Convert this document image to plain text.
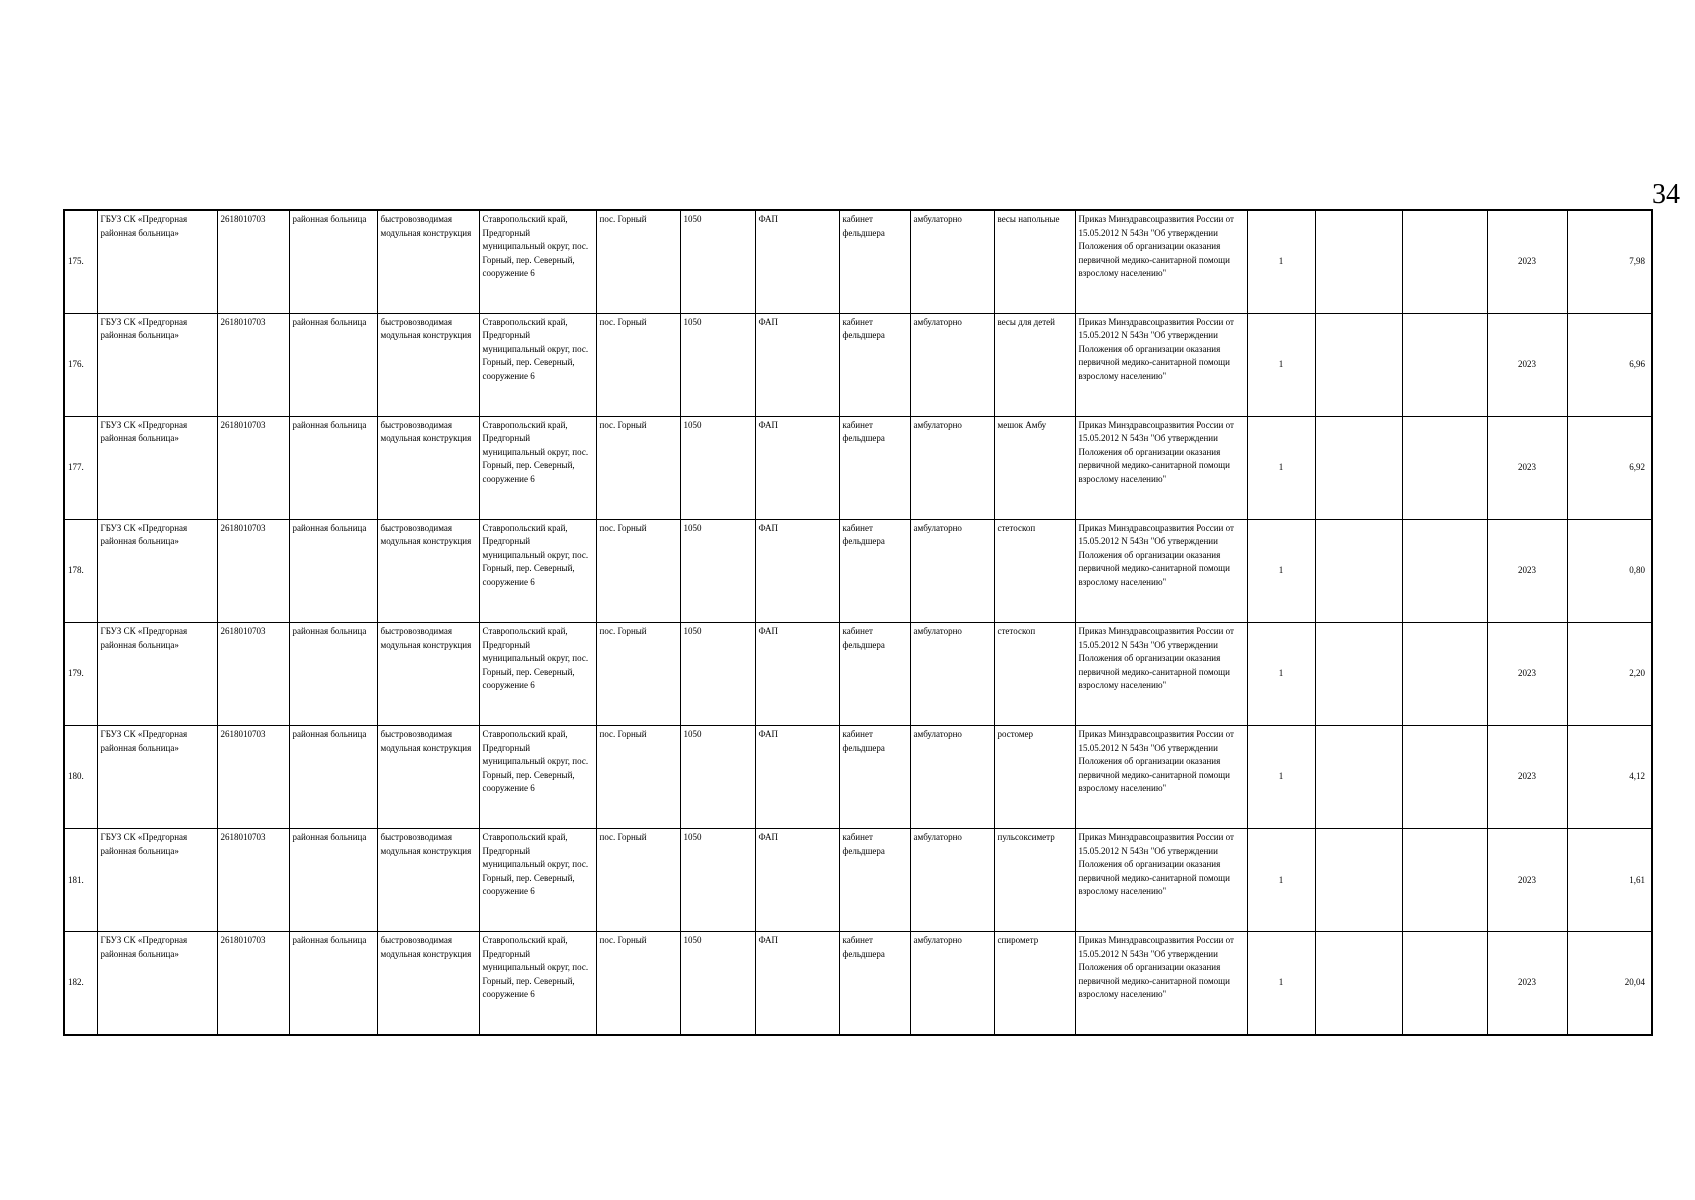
34
175.	ГБУЗ СК «Предгорная районная больница»	2618010703	районная больница	быстровозводимая модульная конструкция	Ставропольский край, Предгорный муниципальный округ, пос. Горный, пер. Северный, сооружение 6	пос. Горный	1050	ФАП	кабинет фельдшера	амбулаторно	весы напольные	Приказ Минздравсоцразвития России от 15.05.2012 N 543н "Об утверждении Положения об организации оказания первичной медико-санитарной помощи взрослому населению"	1			2023	7,98
176.	ГБУЗ СК «Предгорная районная больница»	2618010703	районная больница	быстровозводимая модульная конструкция	Ставропольский край, Предгорный муниципальный округ, пос. Горный, пер. Северный, сооружение 6	пос. Горный	1050	ФАП	кабинет фельдшера	амбулаторно	весы для детей	Приказ Минздравсоцразвития России от 15.05.2012 N 543н "Об утверждении Положения об организации оказания первичной медико-санитарной помощи взрослому населению"	1			2023	6,96
177.	ГБУЗ СК «Предгорная районная больница»	2618010703	районная больница	быстровозводимая модульная конструкция	Ставропольский край, Предгорный муниципальный округ, пос. Горный, пер. Северный, сооружение 6	пос. Горный	1050	ФАП	кабинет фельдшера	амбулаторно	мешок Амбу	Приказ Минздравсоцразвития России от 15.05.2012 N 543н "Об утверждении Положения об организации оказания первичной медико-санитарной помощи взрослому населению"	1			2023	6,92
178.	ГБУЗ СК «Предгорная районная больница»	2618010703	районная больница	быстровозводимая модульная конструкция	Ставропольский край, Предгорный муниципальный округ, пос. Горный, пер. Северный, сооружение 6	пос. Горный	1050	ФАП	кабинет фельдшера	амбулаторно	стетоскоп	Приказ Минздравсоцразвития России от 15.05.2012 N 543н "Об утверждении Положения об организации оказания первичной медико-санитарной помощи взрослому населению"	1			2023	0,80
179.	ГБУЗ СК «Предгорная районная больница»	2618010703	районная больница	быстровозводимая модульная конструкция	Ставропольский край, Предгорный муниципальный округ, пос. Горный, пер. Северный, сооружение 6	пос. Горный	1050	ФАП	кабинет фельдшера	амбулаторно	стетоскоп	Приказ Минздравсоцразвития России от 15.05.2012 N 543н "Об утверждении Положения об организации оказания первичной медико-санитарной помощи взрослому населению"	1			2023	2,20
180.	ГБУЗ СК «Предгорная районная больница»	2618010703	районная больница	быстровозводимая модульная конструкция	Ставропольский край, Предгорный муниципальный округ, пос. Горный, пер. Северный, сооружение 6	пос. Горный	1050	ФАП	кабинет фельдшера	амбулаторно	ростомер	Приказ Минздравсоцразвития России от 15.05.2012 N 543н "Об утверждении Положения об организации оказания первичной медико-санитарной помощи взрослому населению"	1			2023	4,12
181.	ГБУЗ СК «Предгорная районная больница»	2618010703	районная больница	быстровозводимая модульная конструкция	Ставропольский край, Предгорный муниципальный округ, пос. Горный, пер. Северный, сооружение 6	пос. Горный	1050	ФАП	кабинет фельдшера	амбулаторно	пульсоксиметр	Приказ Минздравсоцразвития России от 15.05.2012 N 543н "Об утверждении Положения об организации оказания первичной медико-санитарной помощи взрослому населению"	1			2023	1,61
182.	ГБУЗ СК «Предгорная районная больница»	2618010703	районная больница	быстровозводимая модульная конструкция	Ставропольский край, Предгорный муниципальный округ, пос. Горный, пер. Северный, сооружение 6	пос. Горный	1050	ФАП	кабинет фельдшера	амбулаторно	спирометр	Приказ Минздравсоцразвития России от 15.05.2012 N 543н "Об утверждении Положения об организации оказания первичной медико-санитарной помощи взрослому населению"	1			2023	20,04
